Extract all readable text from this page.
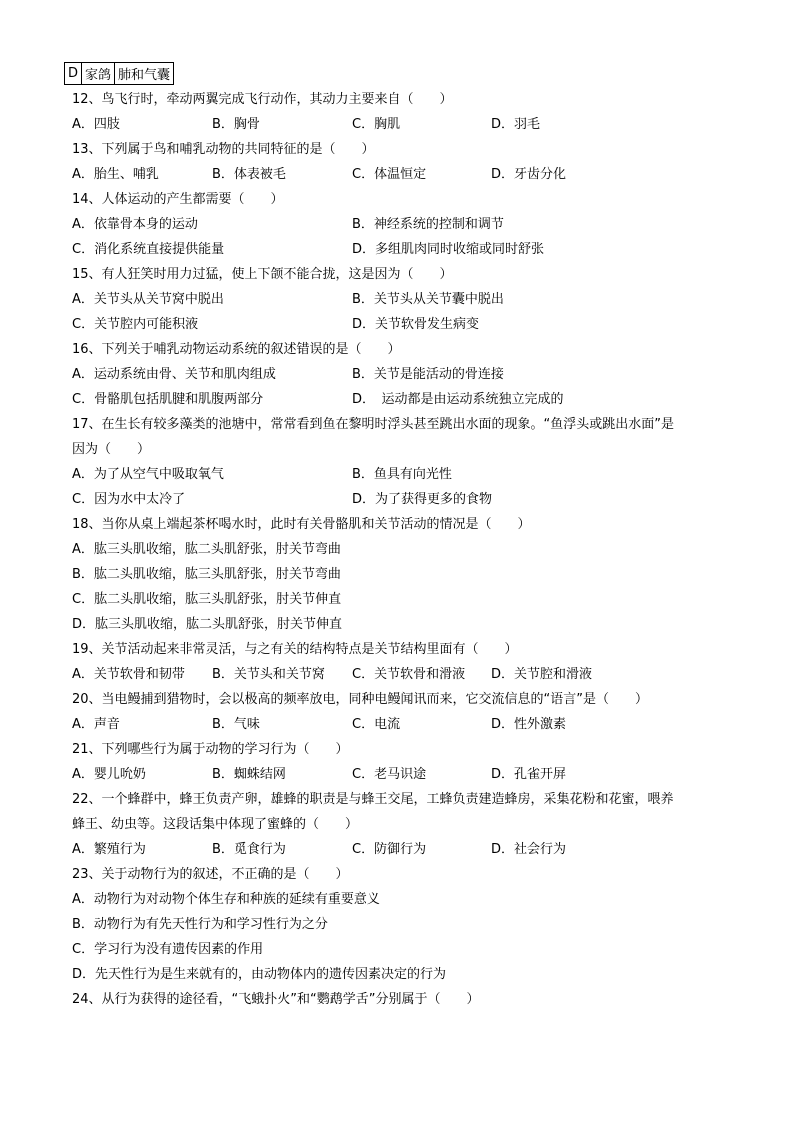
D	家鸽	肺和气囊
12、鸟飞行时，牵动两翼完成飞行动作，其动力主要来自（　　）
A．四肢	B．胸骨	C．胸肌	D．羽毛
13、下列属于鸟和哺乳动物的共同特征的是（　　）
A．胎生、哺乳	B．体表被毛	C．体温恒定	D．牙齿分化
14、人体运动的产生都需要（　　）
A．依靠骨本身的运动	B．神经系统的控制和调节
C．消化系统直接提供能量	D．多组肌肉同时收缩或同时舒张
15、有人狂笑时用力过猛，使上下颌不能合拢，这是因为（　　）
A．关节头从关节窝中脱出	B．关节头从关节囊中脱出
C．关节腔内可能积液	D．关节软骨发生病变
16、下列关于哺乳动物运动系统的叙述错误的是（　　）
A．运动系统由骨、关节和肌肉组成	B．关节是能活动的骨连接
C．骨骼肌包括肌腱和肌腹两部分	D．　运动都是由运动系统独立完成的
17、在生长有较多藻类的池塘中，常常看到鱼在黎明时浮头甚至跳出水面的现象。“鱼浮头或跳出水面”是
因为（　　）
A．为了从空气中吸取氧气	B．鱼具有向光性
C．因为水中太冷了	D．为了获得更多的食物
18、当你从桌上端起茶杯喝水时，此时有关骨骼肌和关节活动的情况是（　　）
A．肱三头肌收缩，肱二头肌舒张，肘关节弯曲
B．肱二头肌收缩，肱三头肌舒张，肘关节弯曲
C．肱二头肌收缩，肱三头肌舒张，肘关节伸直
D．肱三头肌收缩，肱二头肌舒张，肘关节伸直
19、关节活动起来非常灵活，与之有关的结构特点是关节结构里面有（　　）
A．关节软骨和韧带 B．关节头和关节窝 C．关节软骨和滑液 D．关节腔和滑液
20、当电鳗捕到猎物时，会以极高的频率放电，同种电鳗闻讯而来，它交流信息的“语言”是（　　）
A．声音	B．气味	C．电流	D．性外激素
21、下列哪些行为属于动物的学习行为（　　）
A．婴儿吮奶	B．蜘蛛结网	C．老马识途	D．孔雀开屏
22、一个蜂群中，蜂王负责产卵，雄蜂的职责是与蜂王交尾，工蜂负责建造蜂房，采集花粉和花蜜，喂养
蜂王、幼虫等。这段话集中体现了蜜蜂的（　　）
A．繁殖行为	B．觅食行为	C．防御行为	D．社会行为
23、关于动物行为的叙述，不正确的是（　　）
A．动物行为对动物个体生存和种族的延续有重要意义
B．动物行为有先天性行为和学习性行为之分
C．学习行为没有遗传因素的作用
D．先天性行为是生来就有的，由动物体内的遗传因素决定的行为
24、从行为获得的途径看，“飞蛾扑火”和“鹦鹉学舌”分别属于（　　）
